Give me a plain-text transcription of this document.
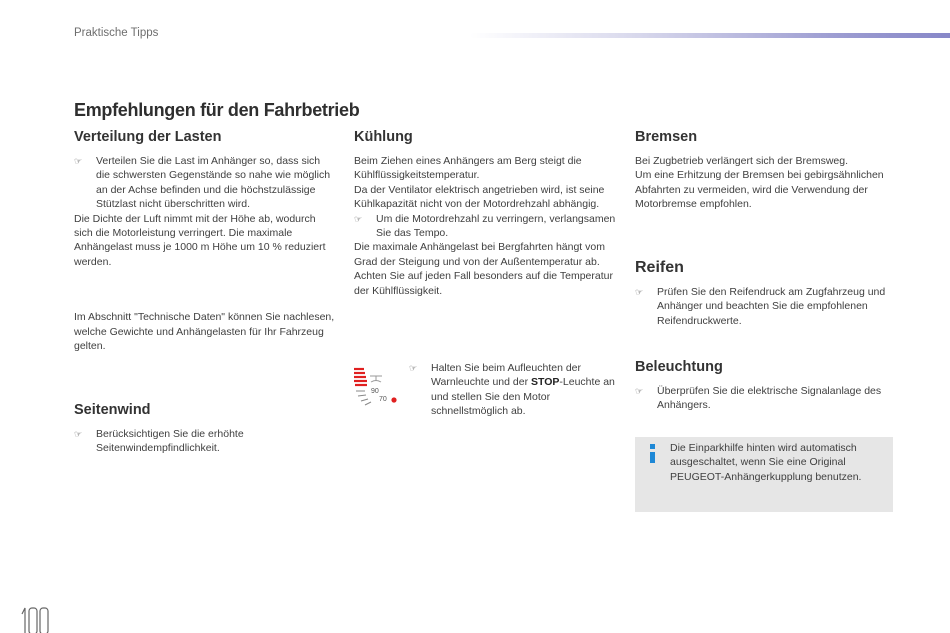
Praktische Tipps
Empfehlungen für den Fahrbetrieb
Verteilung der Lasten
☞	Verteilen Sie die Last im Anhänger so, dass sich die schwersten Gegenstände so nahe wie möglich an der Achse befinden und die höchstzulässige Stützlast nicht überschritten wird.

Die Dichte der Luft nimmt mit der Höhe ab, wodurch sich die Motorleistung verringert. Die maximale Anhängelast muss je 1000 m Höhe um 10 % reduziert werden.

Im Abschnitt "Technische Daten" können Sie nachlesen, welche Gewichte und Anhängelasten für Ihr Fahrzeug gelten.

Seitenwind
☞	Berücksichtigen Sie die erhöhte Seitenwindempfindlichkeit.
Kühlung

Beim Ziehen eines Anhängers am Berg steigt die Kühlflüssigkeitstemperatur.

Da der Ventilator elektrisch angetrieben wird, ist seine Kühlkapazität nicht von der Motordrehzahl abhängig.

☞	Um die Motordrehzahl zu verringern, verlangsamen Sie das Tempo.

Die maximale Anhängelast bei Bergfahrten hängt vom Grad der Steigung und von der Außentemperatur ab. Achten Sie auf jeden Fall besonders auf die Temperatur der Kühlflüssigkeit.

90
70
☞	Halten Sie beim Aufleuchten der Warnleuchte und der STOP-Leuchte an und stellen Sie den Motor schnellstmöglich ab.
Bremsen

Bei Zugbetrieb verlängert sich der Bremsweg.

Um eine Erhitzung der Bremsen bei gebirgsähnlichen Abfahrten zu vermeiden, wird die Verwendung der Motorbremse empfohlen.

Reifen
☞	Prüfen Sie den Reifendruck am Zugfahrzeug und Anhänger und beachten Sie die empfohlenen Reifendruckwerte.
Beleuchtung
☞	Überprüfen Sie die elektrische Signalanlage des Anhängers.
Die Einparkhilfe hinten wird automatisch ausgeschaltet, wenn Sie eine Original PEUGEOT-Anhängerkupplung benutzen.
